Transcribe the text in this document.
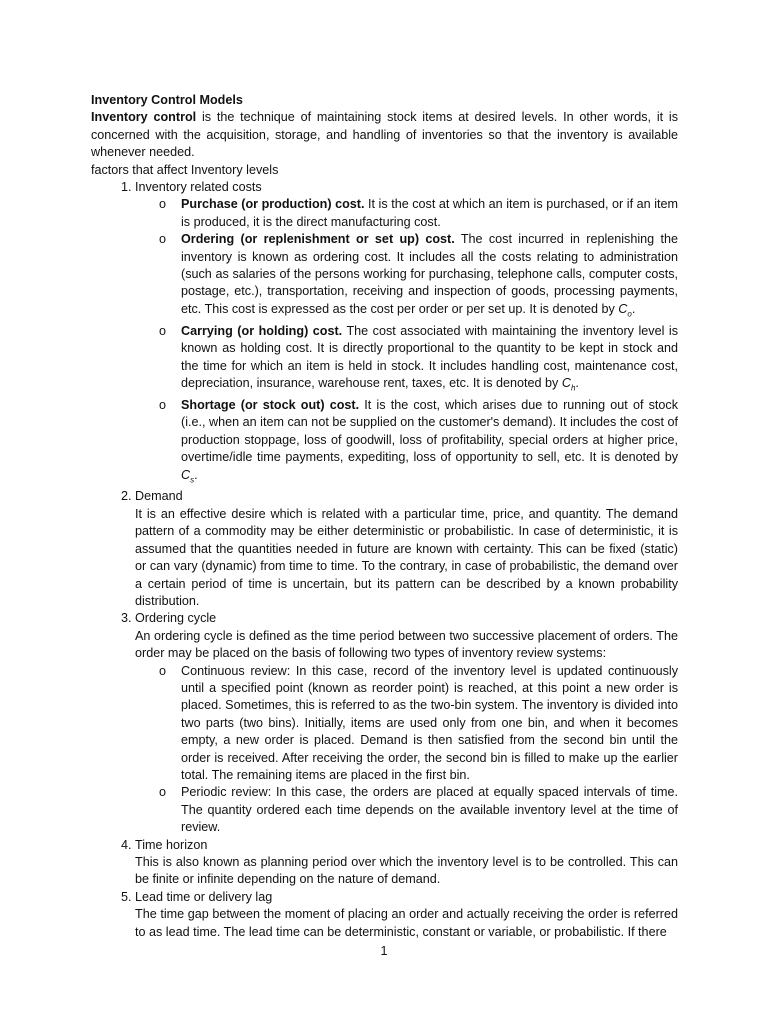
Inventory Control Models

Inventory control is the technique of maintaining stock items at desired levels. In other words, it is concerned with the acquisition, storage, and handling of inventories so that the inventory is available whenever needed.

factors that affect Inventory levels

1. Inventory related costs
o Purchase (or production) cost. It is the cost at which an item is purchased, or if an item is produced, it is the direct manufacturing cost.
o Ordering (or replenishment or set up) cost. The cost incurred in replenishing the inventory is known as ordering cost. It includes all the costs relating to administration (such as salaries of the persons working for purchasing, telephone calls, computer costs, postage, etc.), transportation, receiving and inspection of goods, processing payments, etc. This cost is expressed as the cost per order or per set up. It is denoted by $C_o$.
o Carrying (or holding) cost. The cost associated with maintaining the inventory level is known as holding cost. It is directly proportional to the quantity to be kept in stock and the time for which an item is held in stock. It includes handling cost, maintenance cost, depreciation, insurance, warehouse rent, taxes, etc. It is denoted by $C_h$.
o Shortage (or stock out) cost. It is the cost, which arises due to running out of stock (i.e., when an item can not be supplied on the customer's demand). It includes the cost of production stoppage, loss of goodwill, loss of profitability, special orders at higher price, overtime/idle time payments, expediting, loss of opportunity to sell, etc. It is denoted by $C_s$.
2. Demand

It is an effective desire which is related with a particular time, price, and quantity. The demand pattern of a commodity may be either deterministic or probabilistic. In case of deterministic, it is assumed that the quantities needed in future are known with certainty. This can be fixed (static) or can vary (dynamic) from time to time. To the contrary, in case of probabilistic, the demand over a certain period of time is uncertain, but its pattern can be described by a known probability distribution.

3. Ordering cycle

An ordering cycle is defined as the time period between two successive placement of orders. The order may be placed on the basis of following two types of inventory review systems:

o Continuous review: In this case, record of the inventory level is updated continuously until a specified point (known as reorder point) is reached, at this point a new order is placed. Sometimes, this is referred to as the two-bin system. The inventory is divided into two parts (two bins). Initially, items are used only from one bin, and when it becomes empty, a new order is placed. Demand is then satisfied from the second bin until the order is received. After receiving the order, the second bin is filled to make up the earlier total. The remaining items are placed in the first bin.
o Periodic review: In this case, the orders are placed at equally spaced intervals of time. The quantity ordered each time depends on the available inventory level at the time of review.
4. Time horizon

This is also known as planning period over which the inventory level is to be controlled. This can be finite or infinite depending on the nature of demand.

5. Lead time or delivery lag

The time gap between the moment of placing an order and actually receiving the order is referred to as lead time. The lead time can be deterministic, constant or variable, or probabilistic. If there

1
